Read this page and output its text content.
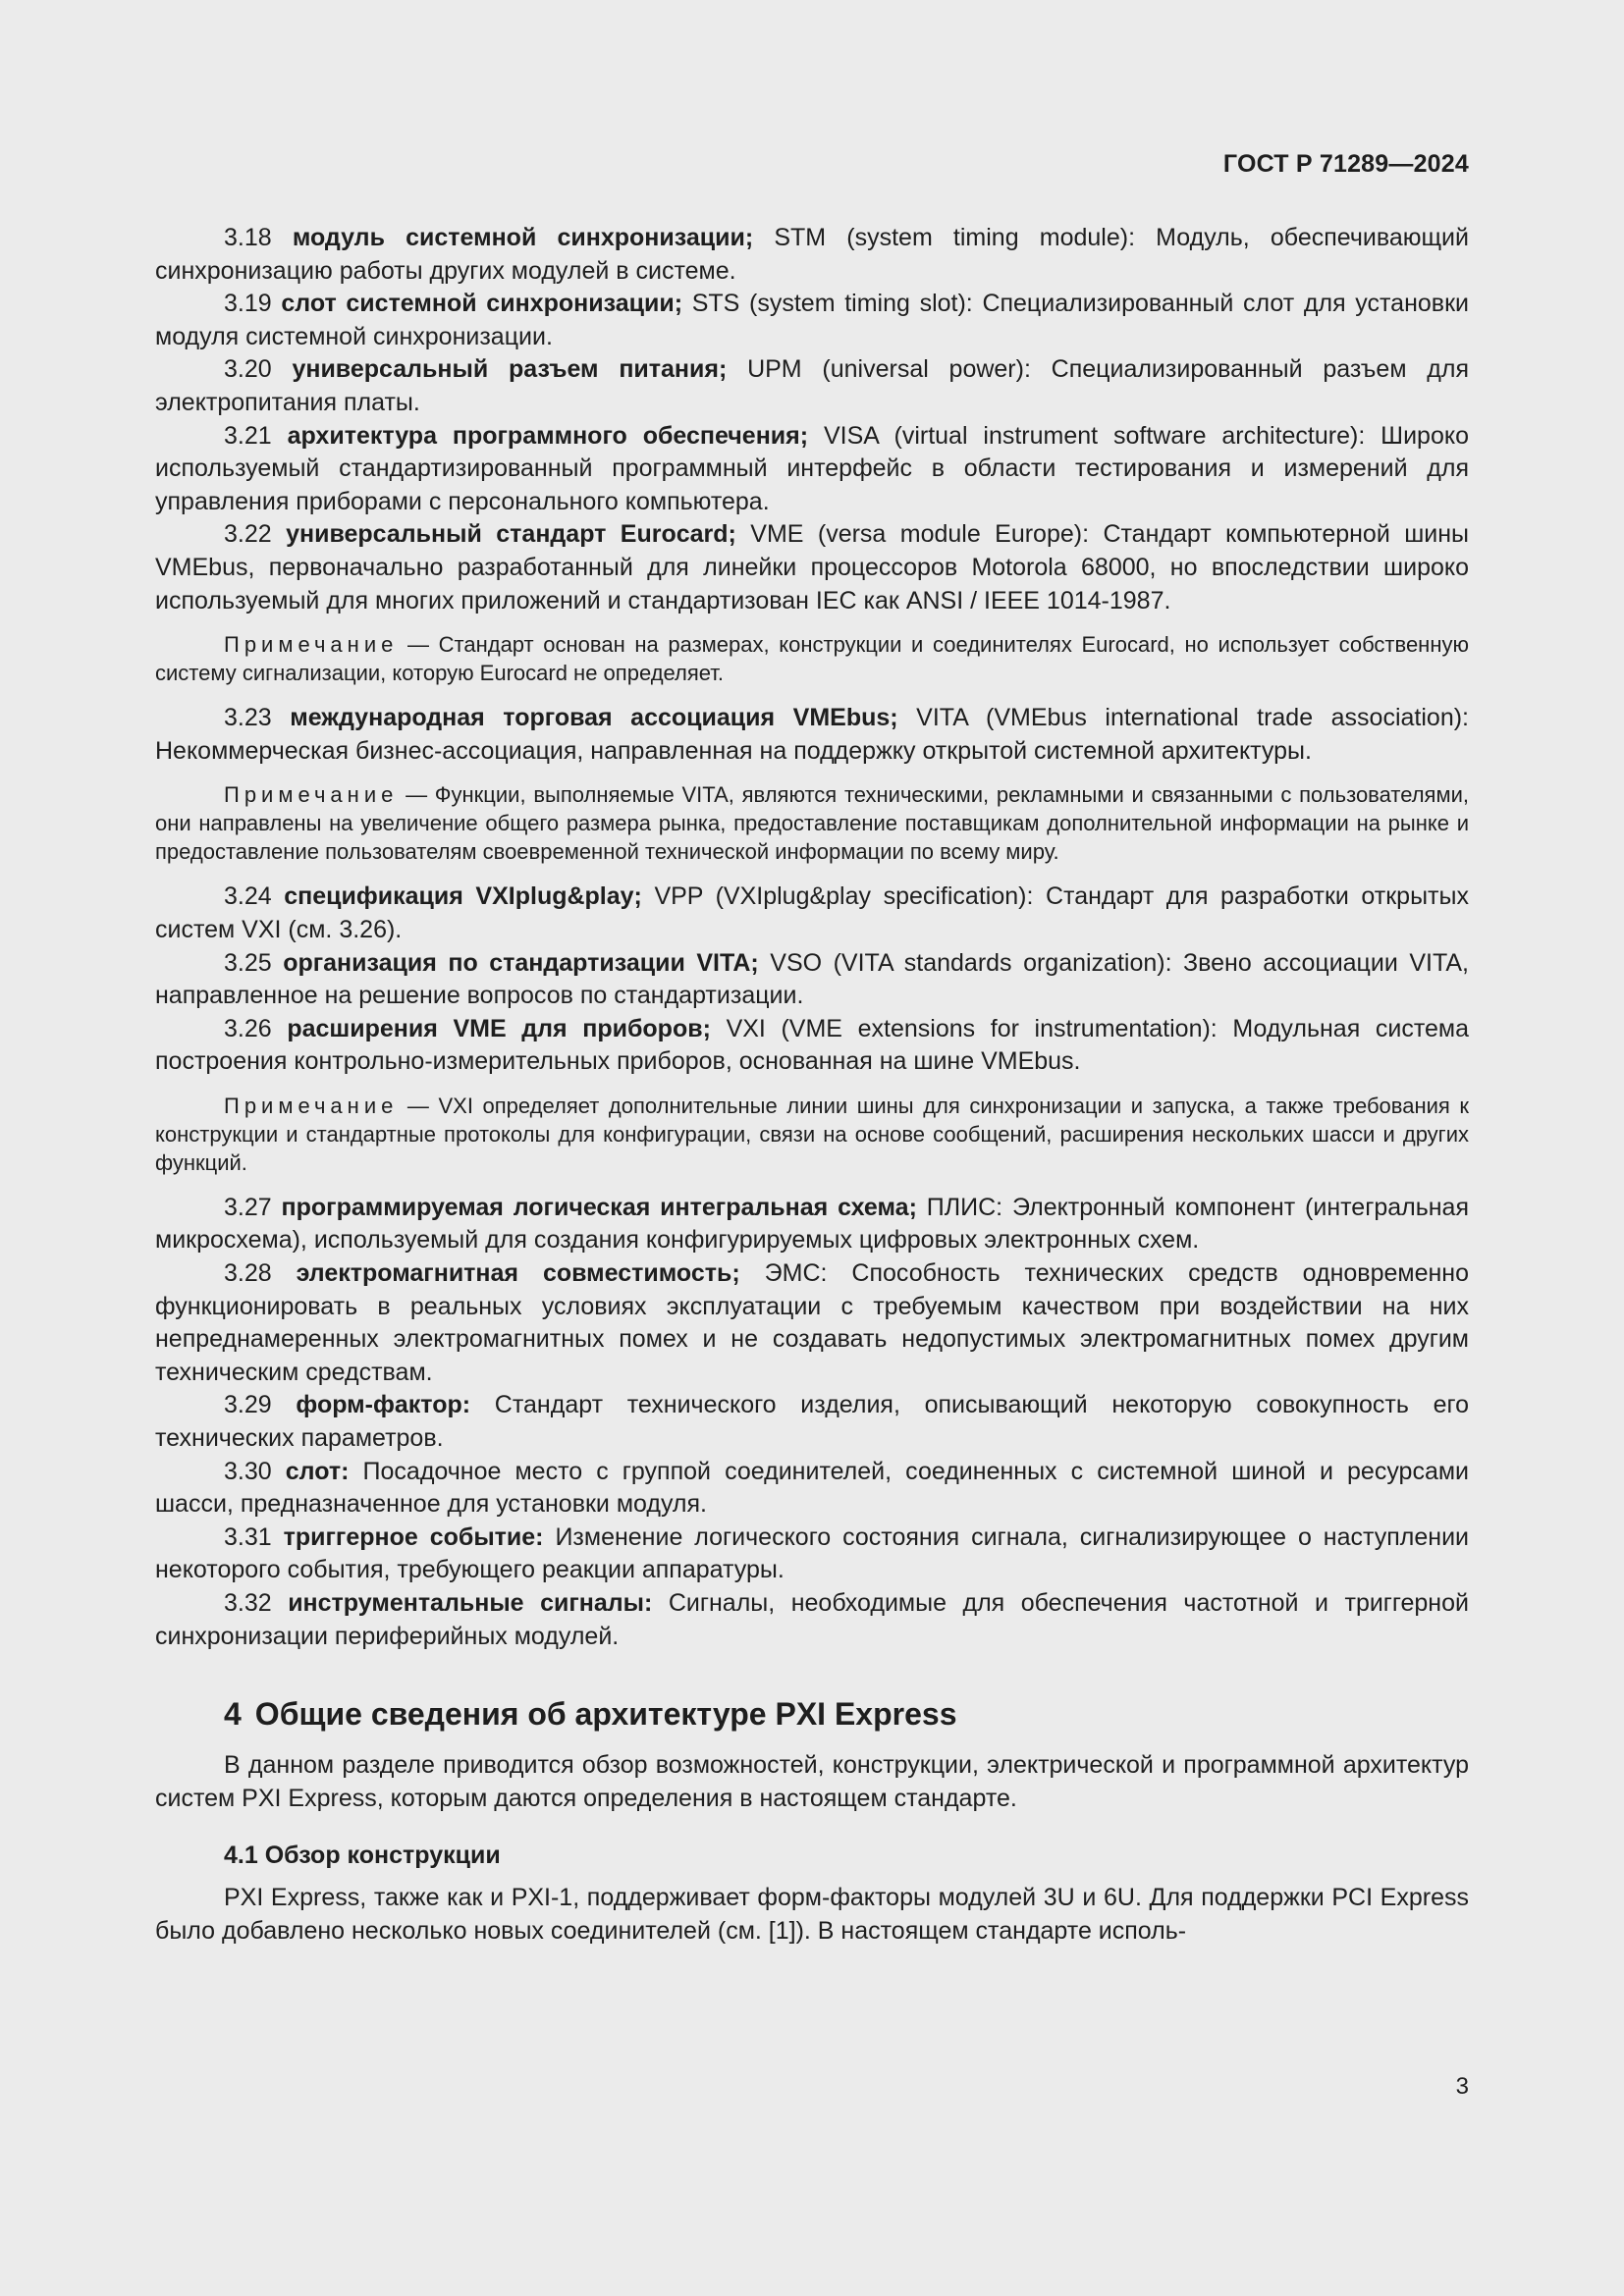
ГОСТ Р 71289—2024

3.18 модуль системной синхронизации; STM (system timing module): Модуль, обеспечивающий синхронизацию работы других модулей в системе.

3.19 слот системной синхронизации; STS (system timing slot): Специализированный слот для установки модуля системной синхронизации.

3.20 универсальный разъем питания; UPM (universal power): Специализированный разъем для электропитания платы.

3.21 архитектура программного обеспечения; VISA (virtual instrument software architecture): Широко используемый стандартизированный программный интерфейс в области тестирования и измерений для управления приборами с персонального компьютера.

3.22 универсальный стандарт Eurocard; VME (versa module Europe): Стандарт компьютерной шины VMEbus, первоначально разработанный для линейки процессоров Motorola 68000, но впоследствии широко используемый для многих приложений и стандартизован IEC как ANSI / IEEE 1014-1987.

Примечание — Стандарт основан на размерах, конструкции и соединителях Eurocard, но использует собственную систему сигнализации, которую Eurocard не определяет.

3.23 международная торговая ассоциация VMEbus; VITA (VMEbus international trade association): Некоммерческая бизнес-ассоциация, направленная на поддержку открытой системной архитектуры.

Примечание — Функции, выполняемые VITA, являются техническими, рекламными и связанными с пользователями, они направлены на увеличение общего размера рынка, предоставление поставщикам дополнительной информации на рынке и предоставление пользователям своевременной технической информации по всему миру.

3.24 спецификация VXIplug&play; VPP (VXIplug&play specification): Стандарт для разработки открытых систем VXI (см. 3.26).

3.25 организация по стандартизации VITA; VSO (VITA standards organization): Звено ассоциации VITA, направленное на решение вопросов по стандартизации.

3.26 расширения VME для приборов; VXI (VME extensions for instrumentation): Модульная система построения контрольно-измерительных приборов, основанная на шине VMEbus.

Примечание — VXI определяет дополнительные линии шины для синхронизации и запуска, а также требования к конструкции и стандартные протоколы для конфигурации, связи на основе сообщений, расширения нескольких шасси и других функций.

3.27 программируемая логическая интегральная схема; ПЛИС: Электронный компонент (интегральная микросхема), используемый для создания конфигурируемых цифровых электронных схем.

3.28 электромагнитная совместимость; ЭМС: Способность технических средств одновременно функционировать в реальных условиях эксплуатации с требуемым качеством при воздействии на них непреднамеренных электромагнитных помех и не создавать недопустимых электромагнитных помех другим техническим средствам.

3.29 форм-фактор: Стандарт технического изделия, описывающий некоторую совокупность его технических параметров.

3.30 слот: Посадочное место с группой соединителей, соединенных с системной шиной и ресурсами шасси, предназначенное для установки модуля.

3.31 триггерное событие: Изменение логического состояния сигнала, сигнализирующее о наступлении некоторого события, требующего реакции аппаратуры.

3.32 инструментальные сигналы: Сигналы, необходимые для обеспечения частотной и триггерной синхронизации периферийных модулей.

4 Общие сведения об архитектуре PXI Express

В данном разделе приводится обзор возможностей, конструкции, электрической и программной архитектур систем PXI Express, которым даются определения в настоящем стандарте.

4.1 Обзор конструкции

PXI Express, также как и PXI-1, поддерживает форм-факторы модулей 3U и 6U. Для поддержки PCI Express было добавлено несколько новых соединителей (см. [1]). В настоящем стандарте исполь-

3
